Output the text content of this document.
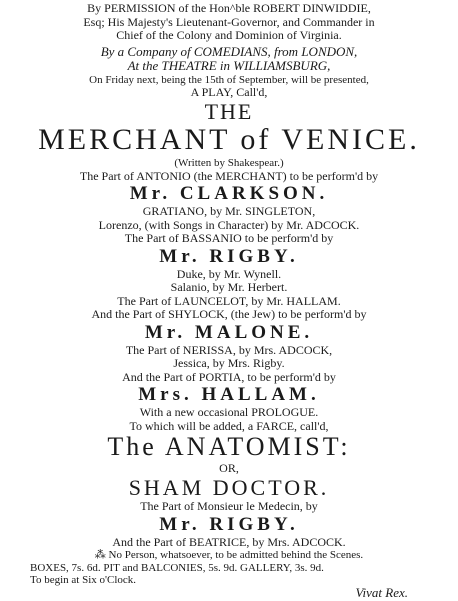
By PERMISSION of the Hon^ble ROBERT DINWIDDIE,
Esq; His Majesty's Lieutenant-Governor, and Commander in
Chief of the Colony and Dominion of Virginia.
By a Company of COMEDIANS, from LONDON,
At the THEATRE in WILLIAMSBURG,
On Friday next, being the 15th of September, will be presented,
A PLAY, Call'd,
THE
MERCHANT of VENICE.
(Written by Shakespear.)
The Part of ANTONIO (the MERCHANT) to be perform'd by
Mr. CLARKSON.
GRATIANO, by Mr. SINGLETON,
Lorenzo, (with Songs in Character) by Mr. ADCOCK.
The Part of BASSANIO to be perform'd by
Mr. RIGBY.
Duke, by Mr. Wynell.
Salanio, by Mr. Herbert.
The Part of LAUNCELOT, by Mr. HALLAM.
And the Part of SHYLOCK, (the Jew) to be perform'd by
Mr. MALONE.
The Part of NERISSA, by Mrs. ADCOCK,
Jessica, by Mrs. Rigby.
And the Part of PORTIA, to be perform'd by
Mrs. HALLAM.
With a new occasional PROLOGUE.
To which will be added, a FARCE, call'd,
The ANATOMIST:
OR,
SHAM DOCTOR.
The Part of Monsieur le Medecin, by
Mr. RIGBY.
And the Part of BEATRICE, by Mrs. ADCOCK.
⁂ No Person, whatsoever, to be admitted behind the Scenes.
BOXES, 7s. 6d. PIT and BALCONIES, 5s. 9d. GALLERY, 3s. 9d.
To begin at Six o'Clock.
Vivat Rex.
